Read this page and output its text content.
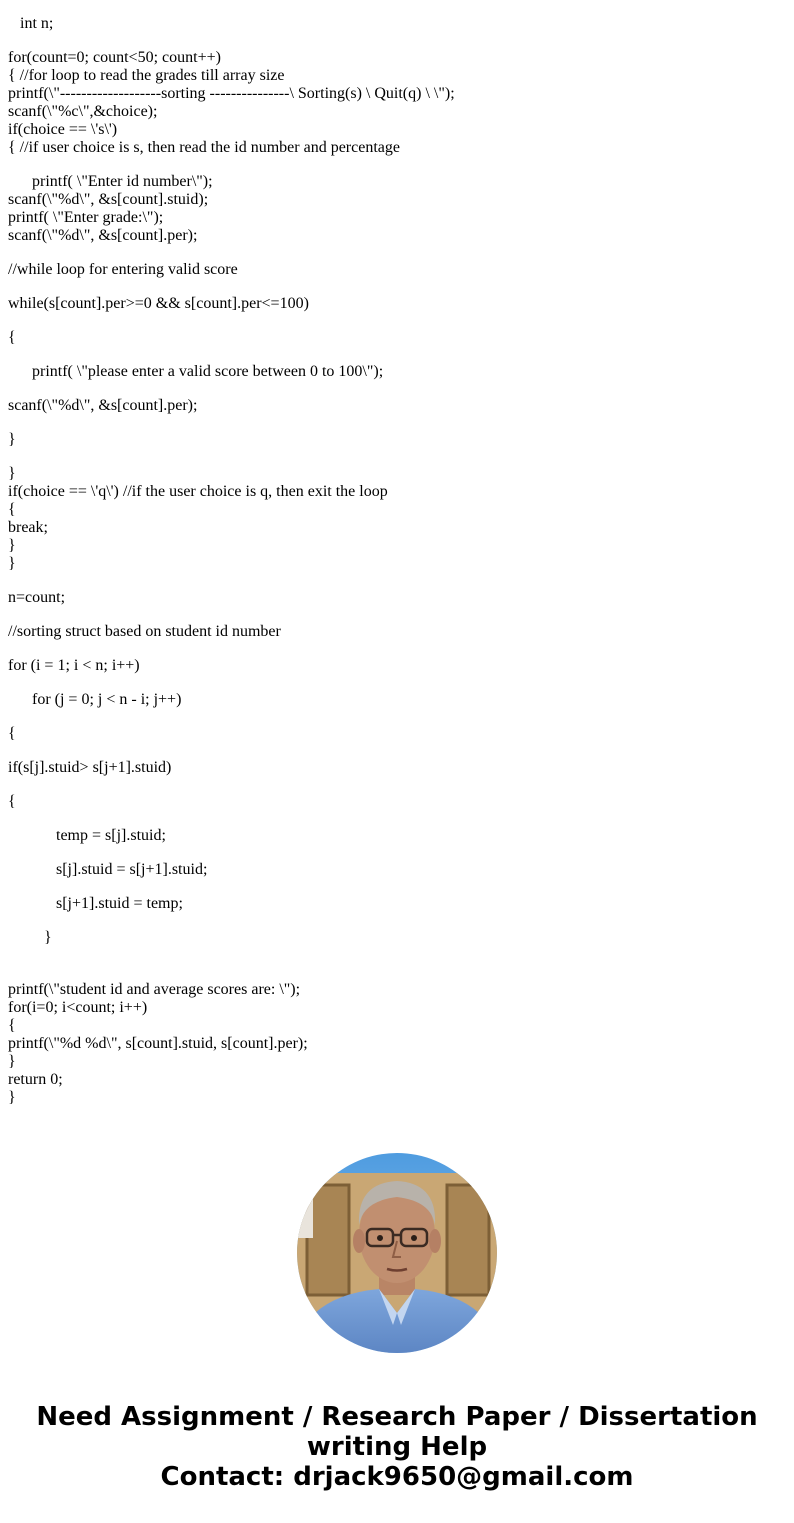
int n;
for(count=0; count<50; count++)
{ //for loop to read the grades till array size
printf(\"-------------------sorting ---------------\ Sorting(s) \ Quit(q) \ \");
scanf(\"%c\",&choice);
if(choice == \'s\')
{ //if user choice is s, then read the id number and percentage
printf( \"Enter id number\");
scanf(\"%d\", &s[count].stuid);
printf( \"Enter grade:\");
scanf(\"%d\", &s[count].per);
//while loop for entering valid score
while(s[count].per>=0 && s[count].per<=100)
{
printf( \"please enter a valid score between 0 to 100\");
scanf(\"%d\", &s[count].per);
}
}
if(choice == \'q\') //if the user choice is q, then exit the loop
{
break;
}
}
n=count;
//sorting struct based on student id number
for (i = 1; i < n; i++)
for (j = 0; j < n - i; j++)
{
if(s[j].stuid> s[j+1].stuid)
{
temp = s[j].stuid;
s[j].stuid = s[j+1].stuid;
s[j+1].stuid = temp;
}
printf(\"student id and average scores are: \");
for(i=0; i<count; i++)
{
printf(\"%d %d\", s[count].stuid, s[count].per);
}
return 0;
}
Need Assignment / Research Paper / Dissertation
writing Help
Contact: drjack9650@gmail.com
